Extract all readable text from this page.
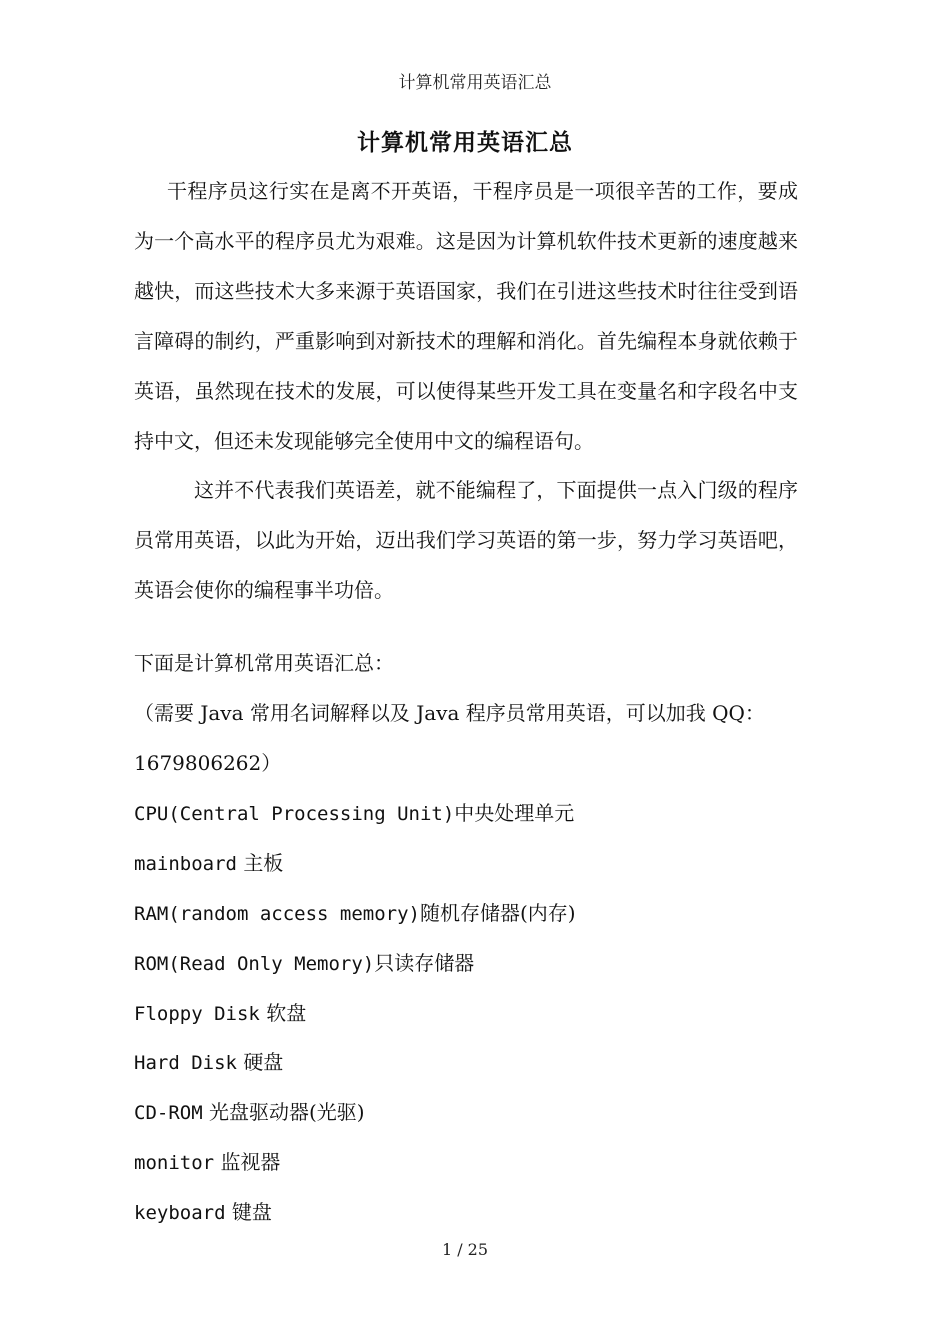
计算机常用英语汇总
计算机常用英语汇总

干程序员这行实在是离不开英语，干程序员是一项很辛苦的工作，要成为一个高水平的程序员尤为艰难。这是因为计算机软件技术更新的速度越来越快，而这些技术大多来源于英语国家，我们在引进这些技术时往往受到语言障碍的制约，严重影响到对新技术的理解和消化。首先编程本身就依赖于英语，虽然现在技术的发展，可以使得某些开发工具在变量名和字段名中支持中文，但还未发现能够完全使用中文的编程语句。

这并不代表我们英语差，就不能编程了，下面提供一点入门级的程序员常用英语，以此为开始，迈出我们学习英语的第一步，努力学习英语吧，英语会使你的编程事半功倍。

下面是计算机常用英语汇总：
（需要 Java 常用名词解释以及 Java 程序员常用英语，可以加我 QQ：
1679806262）
CPU(Central Processing Unit)中央处理单元
mainboard 主板
RAM(random access memory)随机存储器(内存)
ROM(Read Only Memory)只读存储器
Floppy Disk 软盘
Hard Disk 硬盘
CD-ROM 光盘驱动器(光驱)
monitor 监视器
keyboard 键盘
1 / 25
